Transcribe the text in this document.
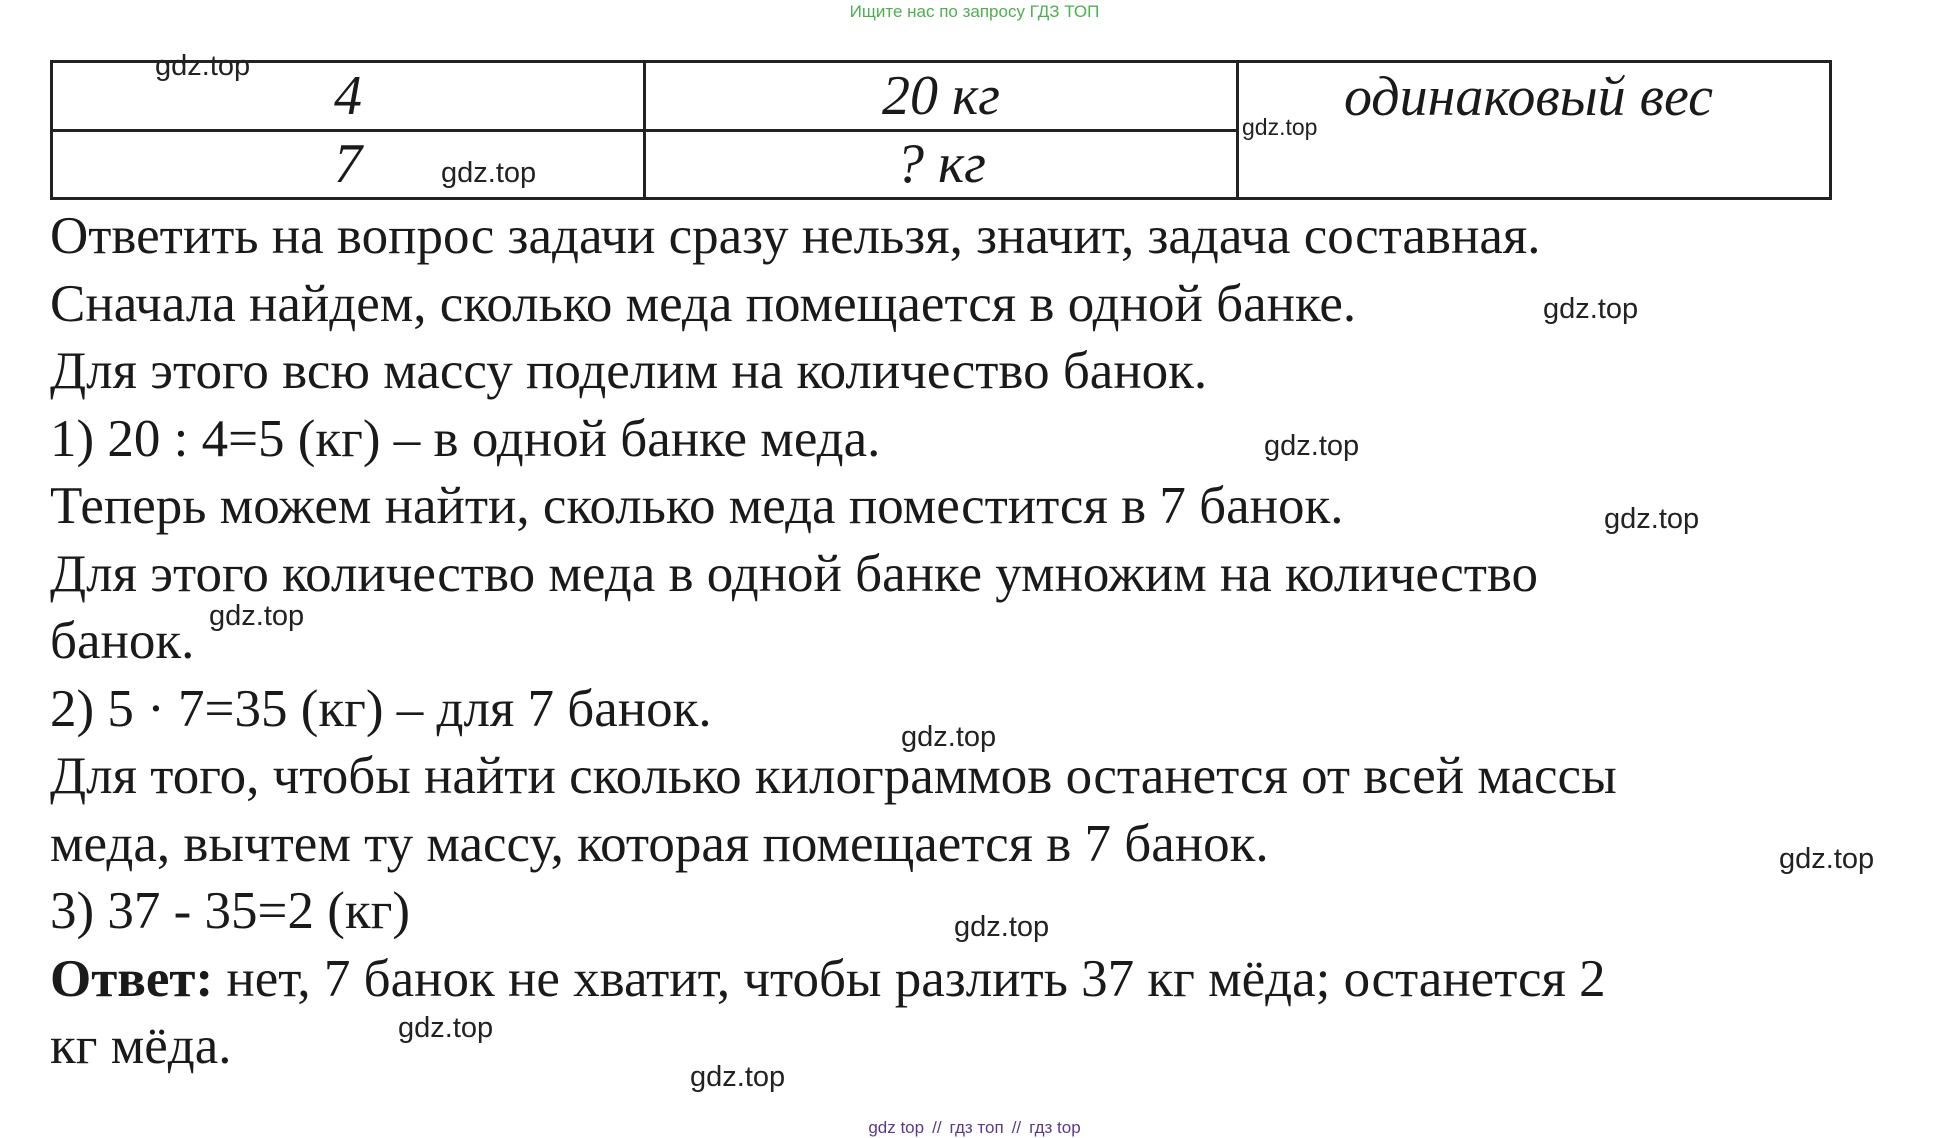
Ищите нас по запросу ГДЗ ТОП
4	20 кг	одинаковый вес
7	? кг	
Ответить на вопрос задачи сразу нельзя, значит, задача составная.
Сначала найдем, сколько меда помещается в одной банке.
Для этого всю массу поделим на количество банок.
1) 20 : 4=5 (кг) – в одной банке меда.
Теперь можем найти, сколько меда поместится в 7 банок.
Для этого количество меда в одной банке умножим на количество
банок.
2) 5 · 7=35 (кг) – для 7 банок.
Для того, чтобы найти сколько килограммов останется от всей массы
меда, вычтем ту массу, которая помещается в 7 банок.
3) 37 - 35=2 (кг)
Ответ: нет, 7 банок не хватит, чтобы разлить 37 кг мёда; останется 2
кг мёда.
gdz.top
gdz.top
gdz.top
gdz.top
gdz.top
gdz.top
gdz.top
gdz.top
gdz.top
gdz.top
gdz.top
gdz.top
gdz top // гдз топ // гдз top
